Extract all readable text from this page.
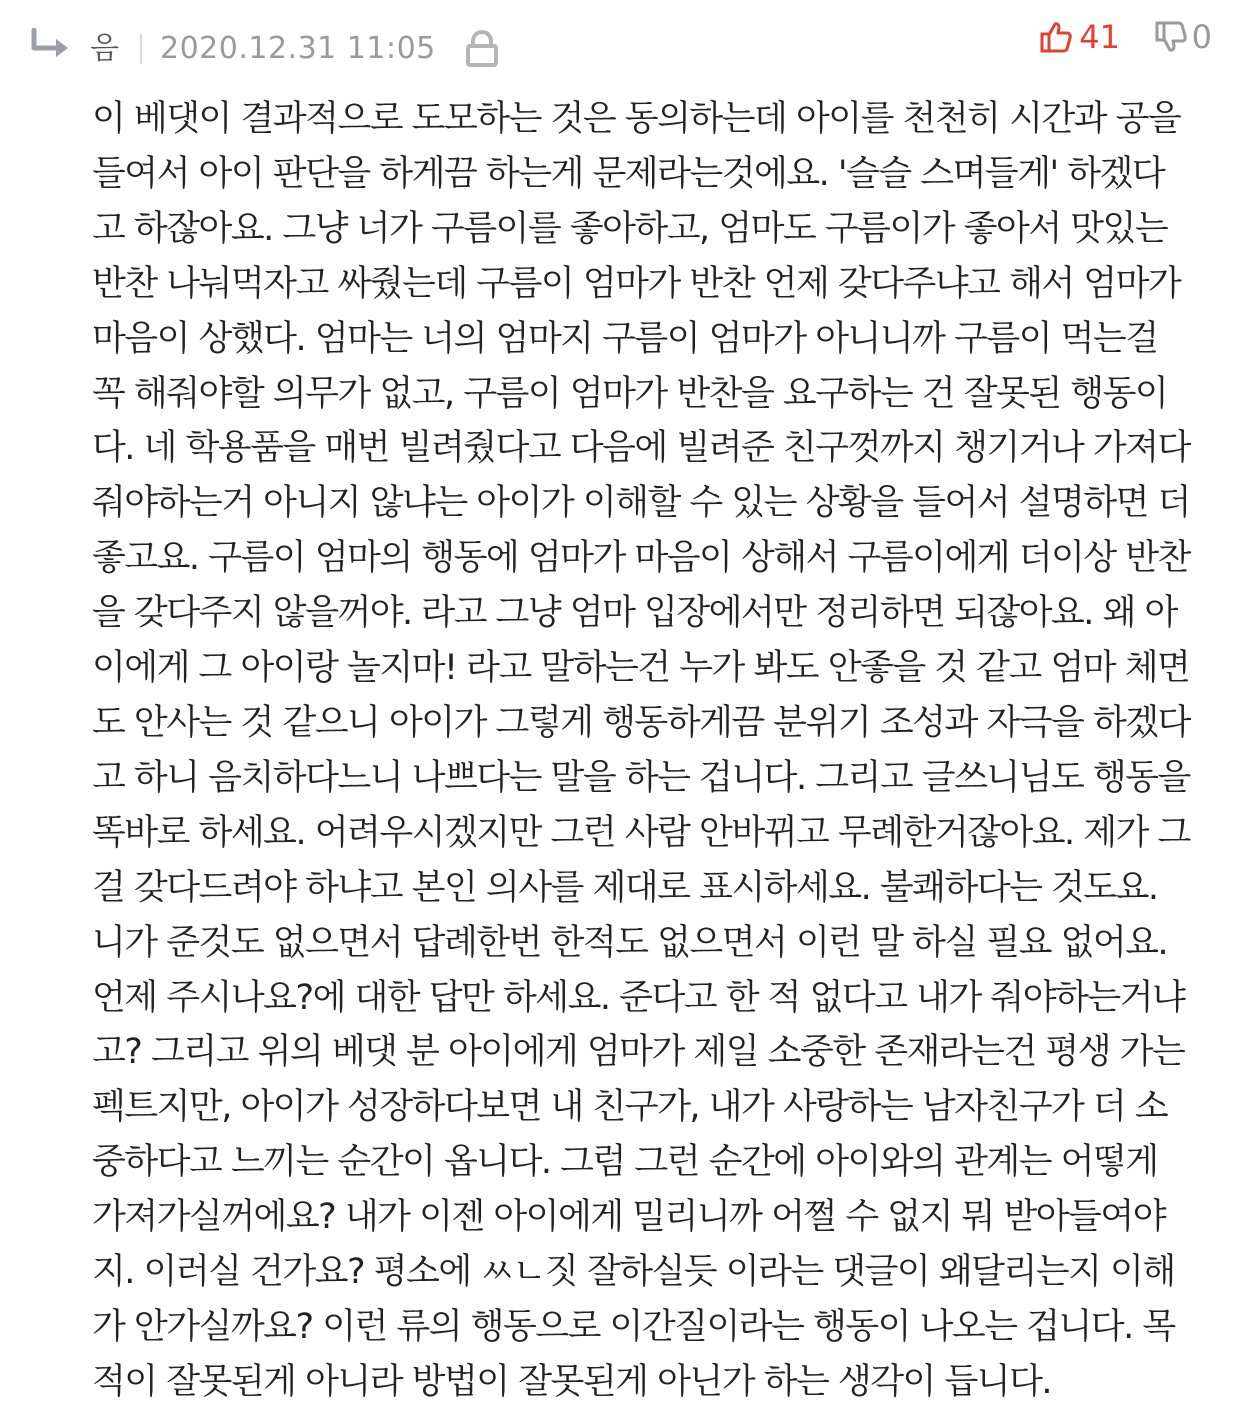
음 2020.12.31 11:05	41 0
이 베댓이 결과적으로 도모하는 것은 동의하는데 아이를 천천히 시간과 공을
들여서 아이 판단을 하게끔 하는게 문제라는것에요. '슬슬 스며들게' 하겠다
고 하잖아요. 그냥 너가 구름이를 좋아하고, 엄마도 구름이가 좋아서 맛있는
반찬 나눠먹자고 싸줬는데 구름이 엄마가 반찬 언제 갖다주냐고 해서 엄마가
마음이 상했다. 엄마는 너의 엄마지 구름이 엄마가 아니니까 구름이 먹는걸
꼭 해줘야할 의무가 없고, 구름이 엄마가 반찬을 요구하는 건 잘못된 행동이
다. 네 학용품을 매번 빌려줬다고 다음에 빌려준 친구껏까지 챙기거나 가져다
줘야하는거 아니지 않냐는 아이가 이해할 수 있는 상황을 들어서 설명하면 더
좋고요. 구름이 엄마의 행동에 엄마가 마음이 상해서 구름이에게 더이상 반찬
을 갖다주지 않을꺼야. 라고 그냥 엄마 입장에서만 정리하면 되잖아요. 왜 아
이에게 그 아이랑 놀지마! 라고 말하는건 누가 봐도 안좋을 것 같고 엄마 체면
도 안사는 것 같으니 아이가 그렇게 행동하게끔 분위기 조성과 자극을 하겠다
고 하니 음치하다느니 나쁘다는 말을 하는 겁니다. 그리고 글쓰니님도 행동을
똑바로 하세요. 어려우시겠지만 그런 사람 안바뀌고 무례한거잖아요. 제가 그
걸 갖다드려야 하냐고 본인 의사를 제대로 표시하세요. 불쾌하다는 것도요.
니가 준것도 없으면서 답례한번 한적도 없으면서 이런 말 하실 필요 없어요.
언제 주시나요?에 대한 답만 하세요. 준다고 한 적 없다고 내가 줘야하는거냐
고? 그리고 위의 베댓 분 아이에게 엄마가 제일 소중한 존재라는건 평생 가는
펙트지만, 아이가 성장하다보면 내 친구가, 내가 사랑하는 남자친구가 더 소
중하다고 느끼는 순간이 옵니다. 그럼 그런 순간에 아이와의 관계는 어떻게
가져가실꺼에요? 내가 이젠 아이에게 밀리니까 어쩔 수 없지 뭐 받아들여야
지. 이러실 건가요? 평소에 ㅆㄴ짓 잘하실듯 이라는 댓글이 왜달리는지 이해
가 안가실까요? 이런 류의 행동으로 이간질이라는 행동이 나오는 겁니다. 목
적이 잘못된게 아니라 방법이 잘못된게 아닌가 하는 생각이 듭니다.
